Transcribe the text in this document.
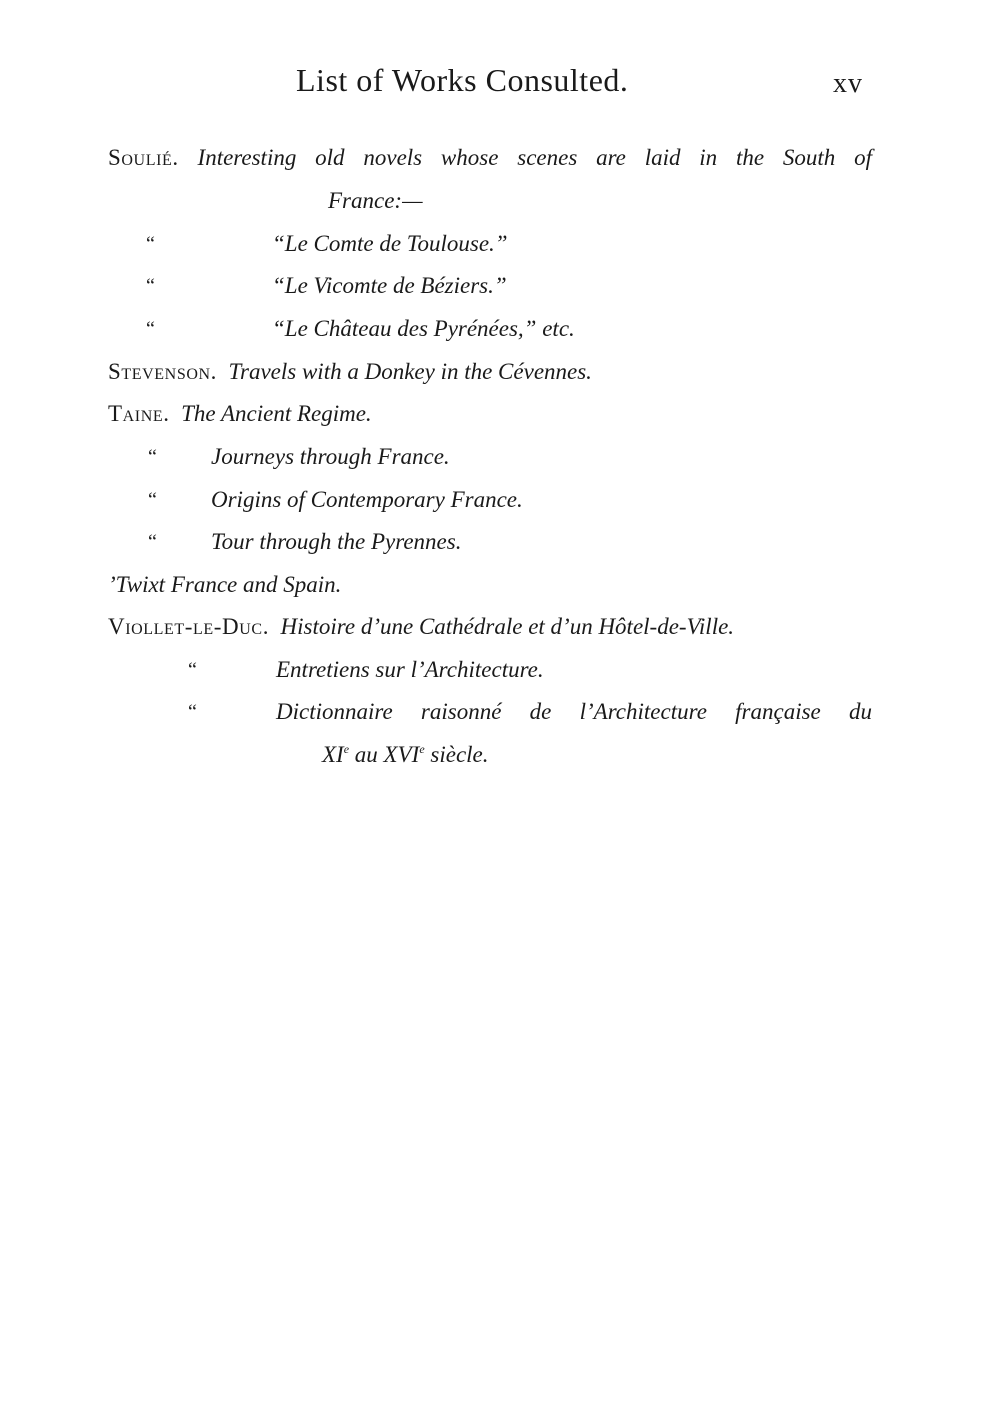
List of Works Consulted.	xv
Soulié. Interesting old novels whose scenes are laid in the South of
France:—
“	“Le Comte de Toulouse.”
“	“Le Vicomte de Béziers.”
“	“Le Château des Pyrénées,” etc.
Stevenson. Travels with a Donkey in the Cévennes.
Taine. The Ancient Regime.
“ Journeys through France.
“ Origins of Contemporary France.
“ Tour through the Pyrennes.
’Twixt France and Spain.
Viollet-le-Duc. Histoire d’une Cathédrale et d’un Hôtel-de-Ville.
“	Entretiens sur l’Architecture.
“	Dictionnaire raisonné de l’Architecture française du
XIe au XVIe siècle.
